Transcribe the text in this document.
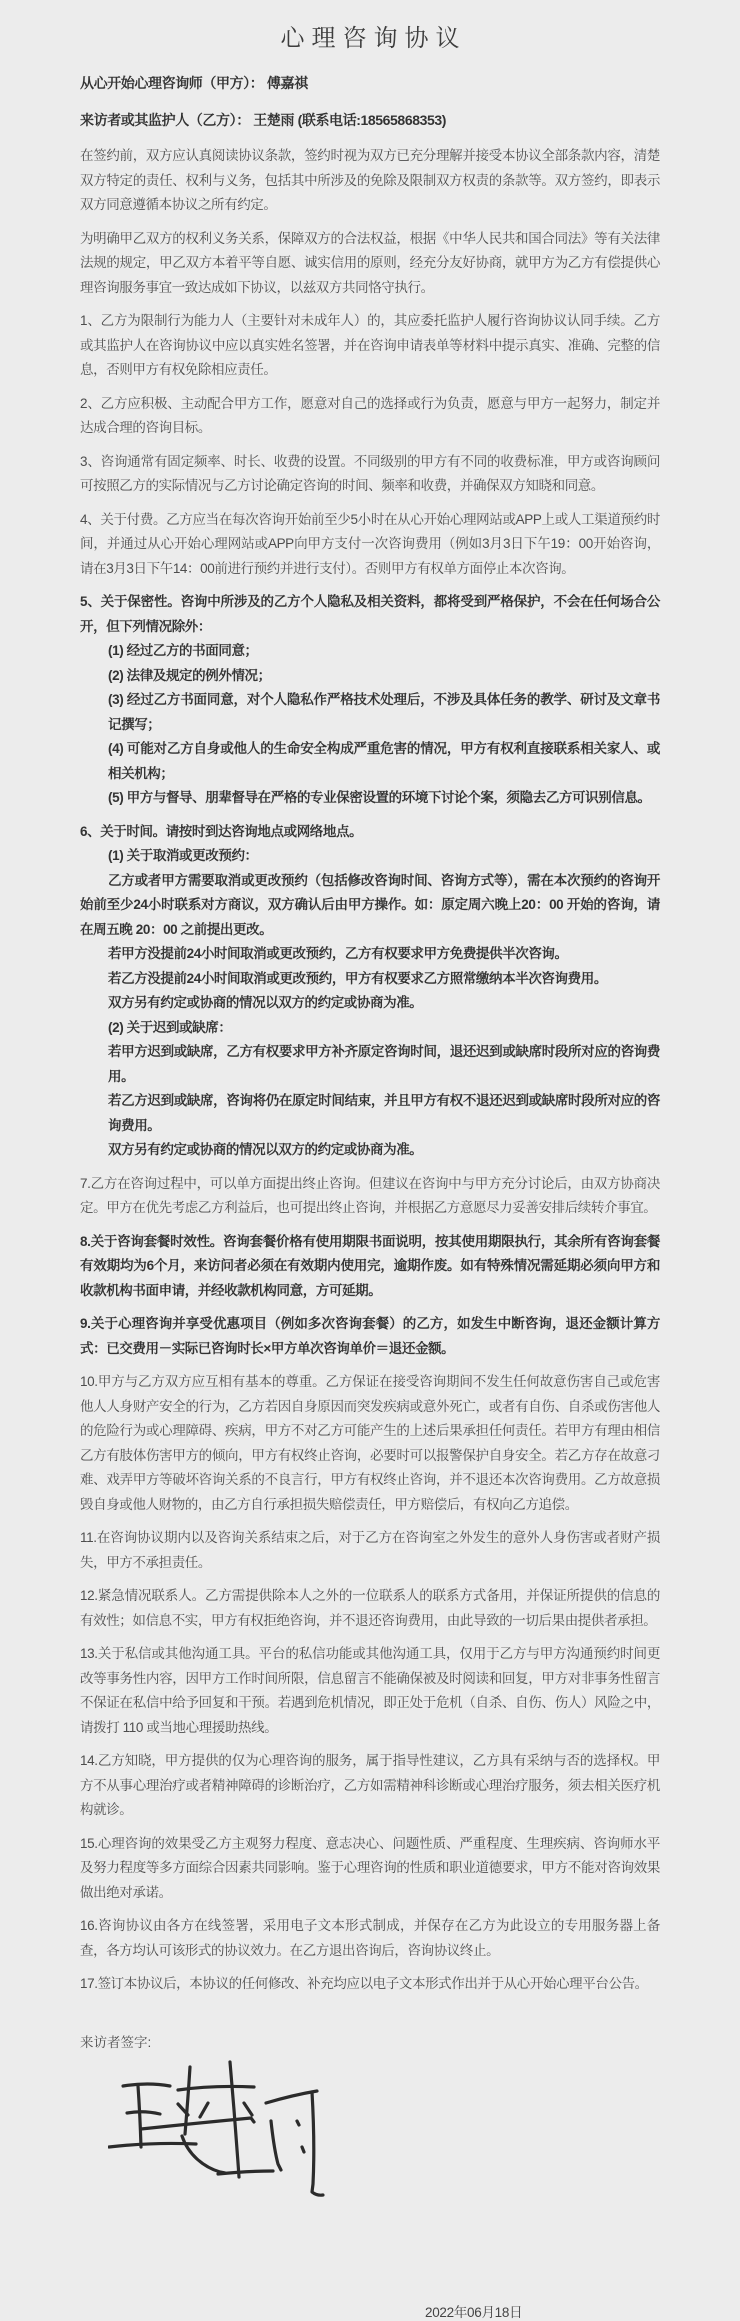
心理咨询协议

从心开始心理咨询师（甲方）： 傅嘉祺

来访者或其监护人（乙方）： 王楚雨 (联系电话:18565868353)

在签约前，双方应认真阅读协议条款，签约时视为双方已充分理解并接受本协议全部条款内容，清楚双方特定的责任、权利与义务，包括其中所涉及的免除及限制双方权责的条款等。双方签约，即表示双方同意遵循本协议之所有约定。

为明确甲乙双方的权利义务关系，保障双方的合法权益，根据《中华人民共和国合同法》等有关法律法规的规定，甲乙双方本着平等自愿、诚实信用的原则，经充分友好协商，就甲方为乙方有偿提供心理咨询服务事宜一致达成如下协议，以兹双方共同恪守执行。

1、乙方为限制行为能力人（主要针对未成年人）的，其应委托监护人履行咨询协议认同手续。乙方或其监护人在咨询协议中应以真实姓名签署，并在咨询申请表单等材料中提示真实、准确、完整的信息，否则甲方有权免除相应责任。

2、乙方应积极、主动配合甲方工作，愿意对自己的选择或行为负责，愿意与甲方一起努力，制定并达成合理的咨询目标。

3、咨询通常有固定频率、时长、收费的设置。不同级别的甲方有不同的收费标准，甲方或咨询顾问可按照乙方的实际情况与乙方讨论确定咨询的时间、频率和收费，并确保双方知晓和同意。

4、关于付费。乙方应当在每次咨询开始前至少5小时在从心开始心理网站或APP上或人工渠道预约时间，并通过从心开始心理网站或APP向甲方支付一次咨询费用（例如3月3日下午19：00开始咨询， 请在3月3日下午14：00前进行预约并进行支付）。否则甲方有权单方面停止本次咨询。

5、关于保密性。咨询中所涉及的乙方个人隐私及相关资料，都将受到严格保护，不会在任何场合公开，但下列情况除外：

(1) 经过乙方的书面同意；

(2) 法律及规定的例外情况；

(3) 经过乙方书面同意，对个人隐私作严格技术处理后，不涉及具体任务的教学、研讨及文章书记撰写；

(4) 可能对乙方自身或他人的生命安全构成严重危害的情况，甲方有权利直接联系相关家人、或相关机构；

(5) 甲方与督导、朋辈督导在严格的专业保密设置的环境下讨论个案，须隐去乙方可识别信息。

6、关于时间。请按时到达咨询地点或网络地点。

(1) 关于取消或更改预约：

乙方或者甲方需要取消或更改预约（包括修改咨询时间、咨询方式等），需在本次预约的咨询开始前至少24小时联系对方商议，双方确认后由甲方操作。如：原定周六晚上20：00 开始的咨询，请在周五晚 20：00 之前提出更改。

若甲方没提前24小时间取消或更改预约，乙方有权要求甲方免费提供半次咨询。

若乙方没提前24小时间取消或更改预约，甲方有权要求乙方照常缴纳本半次咨询费用。

双方另有约定或协商的情况以双方的约定或协商为准。

(2) 关于迟到或缺席：

若甲方迟到或缺席，乙方有权要求甲方补齐原定咨询时间，退还迟到或缺席时段所对应的咨询费用。

若乙方迟到或缺席，咨询将仍在原定时间结束，并且甲方有权不退还迟到或缺席时段所对应的咨询费用。

双方另有约定或协商的情况以双方的约定或协商为准。

7.乙方在咨询过程中，可以单方面提出终止咨询。但建议在咨询中与甲方充分讨论后，由双方协商决定。甲方在优先考虑乙方利益后，也可提出终止咨询，并根据乙方意愿尽力妥善安排后续转介事宜。

8.关于咨询套餐时效性。咨询套餐价格有使用期限书面说明，按其使用期限执行，其余所有咨询套餐有效期均为6个月，来访问者必须在有效期内使用完，逾期作废。如有特殊情况需延期必须向甲方和收款机构书面申请，并经收款机构同意，方可延期。

9.关于心理咨询并享受优惠项目（例如多次咨询套餐）的乙方，如发生中断咨询，退还金额计算方式：已交费用－实际已咨询时长×甲方单次咨询单价＝退还金额。

10.甲方与乙方双方应互相有基本的尊重。乙方保证在接受咨询期间不发生任何故意伤害自己或危害他人人身财产安全的行为，乙方若因自身原因而突发疾病或意外死亡，或者有自伤、自杀或伤害他人的危险行为或心理障碍、疾病，甲方不对乙方可能产生的上述后果承担任何责任。若甲方有理由相信乙方有肢体伤害甲方的倾向，甲方有权终止咨询，必要时可以报警保护自身安全。若乙方存在故意刁难、戏弄甲方等破坏咨询关系的不良言行，甲方有权终止咨询，并不退还本次咨询费用。乙方故意损毁自身或他人财物的，由乙方自行承担损失赔偿责任，甲方赔偿后，有权向乙方追偿。

11.在咨询协议期内以及咨询关系结束之后，对于乙方在咨询室之外发生的意外人身伤害或者财产损失，甲方不承担责任。

12.紧急情况联系人。乙方需提供除本人之外的一位联系人的联系方式备用，并保证所提供的信息的有效性；如信息不实，甲方有权拒绝咨询，并不退还咨询费用，由此导致的一切后果由提供者承担。

13.关于私信或其他沟通工具。平台的私信功能或其他沟通工具，仅用于乙方与甲方沟通预约时间更改等事务性内容，因甲方工作时间所限，信息留言不能确保被及时阅读和回复，甲方对非事务性留言不保证在私信中给予回复和干预。若遇到危机情况，即正处于危机（自杀、自伤、伤人）风险之中，请拨打 110 或当地心理援助热线。

14.乙方知晓，甲方提供的仅为心理咨询的服务，属于指导性建议，乙方具有采纳与否的选择权。甲方不从事心理治疗或者精神障碍的诊断治疗，乙方如需精神科诊断或心理治疗服务，须去相关医疗机构就诊。

15.心理咨询的效果受乙方主观努力程度、意志决心、问题性质、严重程度、生理疾病、咨询师水平及努力程度等多方面综合因素共同影响。鉴于心理咨询的性质和职业道德要求，甲方不能对咨询效果做出绝对承诺。

16.咨询协议由各方在线签署，采用电子文本形式制成，并保存在乙方为此设立的专用服务器上备查，各方均认可该形式的协议效力。在乙方退出咨询后，咨询协议终止。

17.签订本协议后，本协议的任何修改、补充均应以电子文本形式作出并于从心开始心理平台公告。

来访者签字:

2022年06月18日
